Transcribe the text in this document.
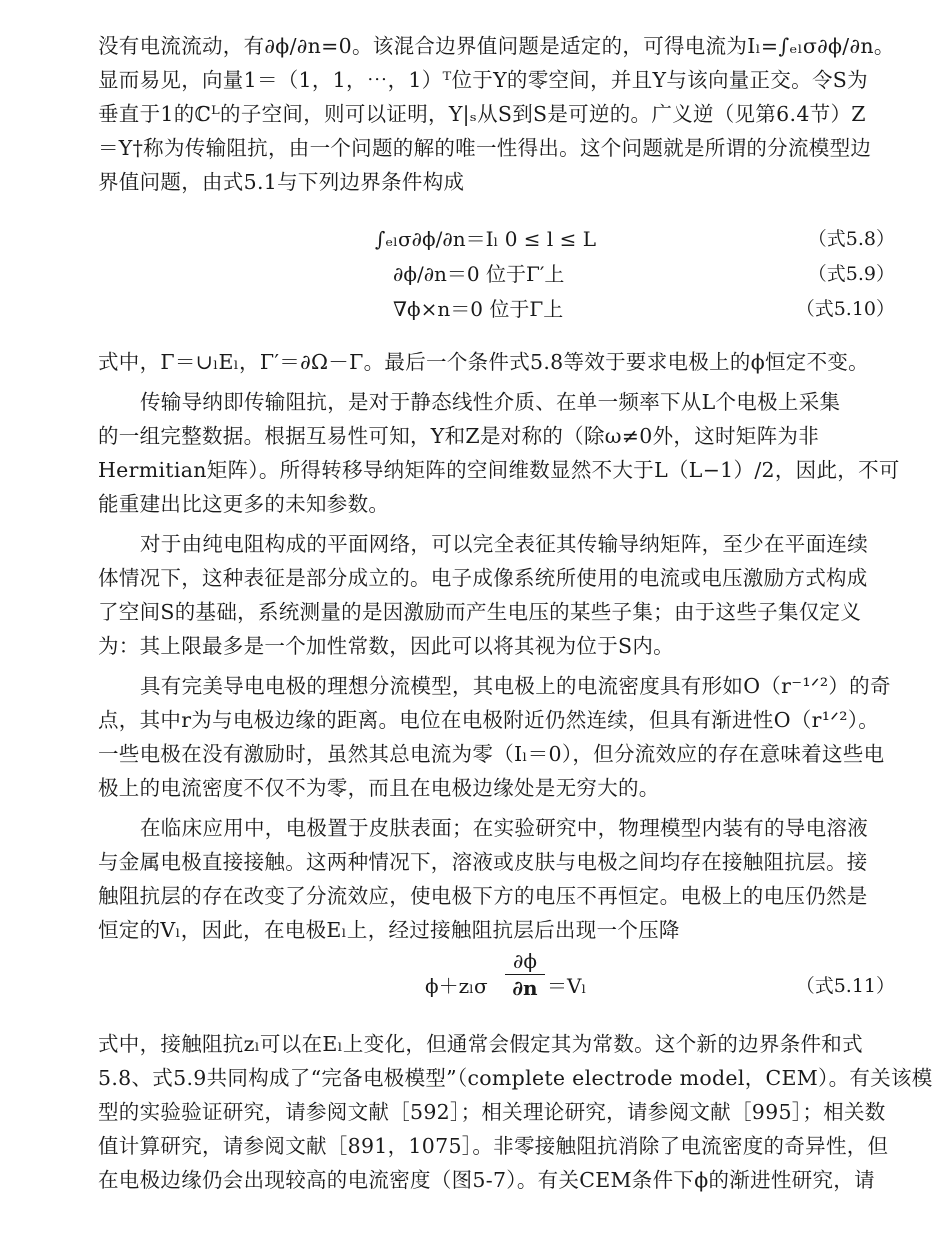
没有电流流动，有∂ϕ/∂n=0。该混合边界值问题是适定的，可得电流为Iₗ=∫ₑₗσ∂ϕ/∂n。
显而易见，向量1＝（1，1，⋯，1）ᵀ位于Y的零空间，并且Y与该向量正交。令S为
垂直于1的ℂᴸ的子空间，则可以证明，Y|ₛ从S到S是可逆的。广义逆（见第6.4节）Z
＝Y†称为传输阻抗，由一个问题的解的唯一性得出。这个问题就是所谓的分流模型边
界值问题，由式5.1与下列边界条件构成
∫ₑₗσ∂ϕ/∂n＝Iₗ 0 ≤ l ≤ L	（式5.8）
∂ϕ/∂n＝0 位于Γ′上	（式5.9）
∇ϕ×n＝0 位于Γ上	（式5.10）
式中，Γ＝∪ₗEₗ，Γ′＝∂Ω－Γ。最后一个条件式5.8等效于要求电极上的ϕ恒定不变。
传输导纳即传输阻抗，是对于静态线性介质、在单一频率下从L个电极上采集
的一组完整数据。根据互易性可知，Y和Z是对称的（除ω≠0外，这时矩阵为非
Hermitian矩阵）。所得转移导纳矩阵的空间维数显然不大于L（L−1）/2，因此，不可
能重建出比这更多的未知参数。
对于由纯电阻构成的平面网络，可以完全表征其传输导纳矩阵，至少在平面连续
体情况下，这种表征是部分成立的。电子成像系统所使用的电流或电压激励方式构成
了空间S的基础，系统测量的是因激励而产生电压的某些子集；由于这些子集仅定义
为：其上限最多是一个加性常数，因此可以将其视为位于S内。
具有完美导电电极的理想分流模型，其电极上的电流密度具有形如O（r⁻¹ᐟ²）的奇
点，其中r为与电极边缘的距离。电位在电极附近仍然连续，但具有渐进性O（r¹ᐟ²）。
一些电极在没有激励时，虽然其总电流为零（Iₗ＝0），但分流效应的存在意味着这些电
极上的电流密度不仅不为零，而且在电极边缘处是无穷大的。
在临床应用中，电极置于皮肤表面；在实验研究中，物理模型内装有的导电溶液
与金属电极直接接触。这两种情况下，溶液或皮肤与电极之间均存在接触阻抗层。接
触阻抗层的存在改变了分流效应，使电极下方的电压不再恒定。电极上的电压仍然是
恒定的Vₗ，因此，在电极Eₗ上，经过接触阻抗层后出现一个压降
ϕ＋zₗσ
∂ϕ
∂n ＝Vₗ	（式5.11）
式中，接触阻抗zₗ可以在Eₗ上变化，但通常会假定其为常数。这个新的边界条件和式
5.8、式5.9共同构成了“完备电极模型”（complete electrode model，CEM）。有关该模
型的实验验证研究，请参阅文献［592］；相关理论研究，请参阅文献［995］；相关数
值计算研究，请参阅文献［891，1075］。非零接触阻抗消除了电流密度的奇异性，但
在电极边缘仍会出现较高的电流密度（图5-7）。有关CEM条件下ϕ的渐进性研究，请
